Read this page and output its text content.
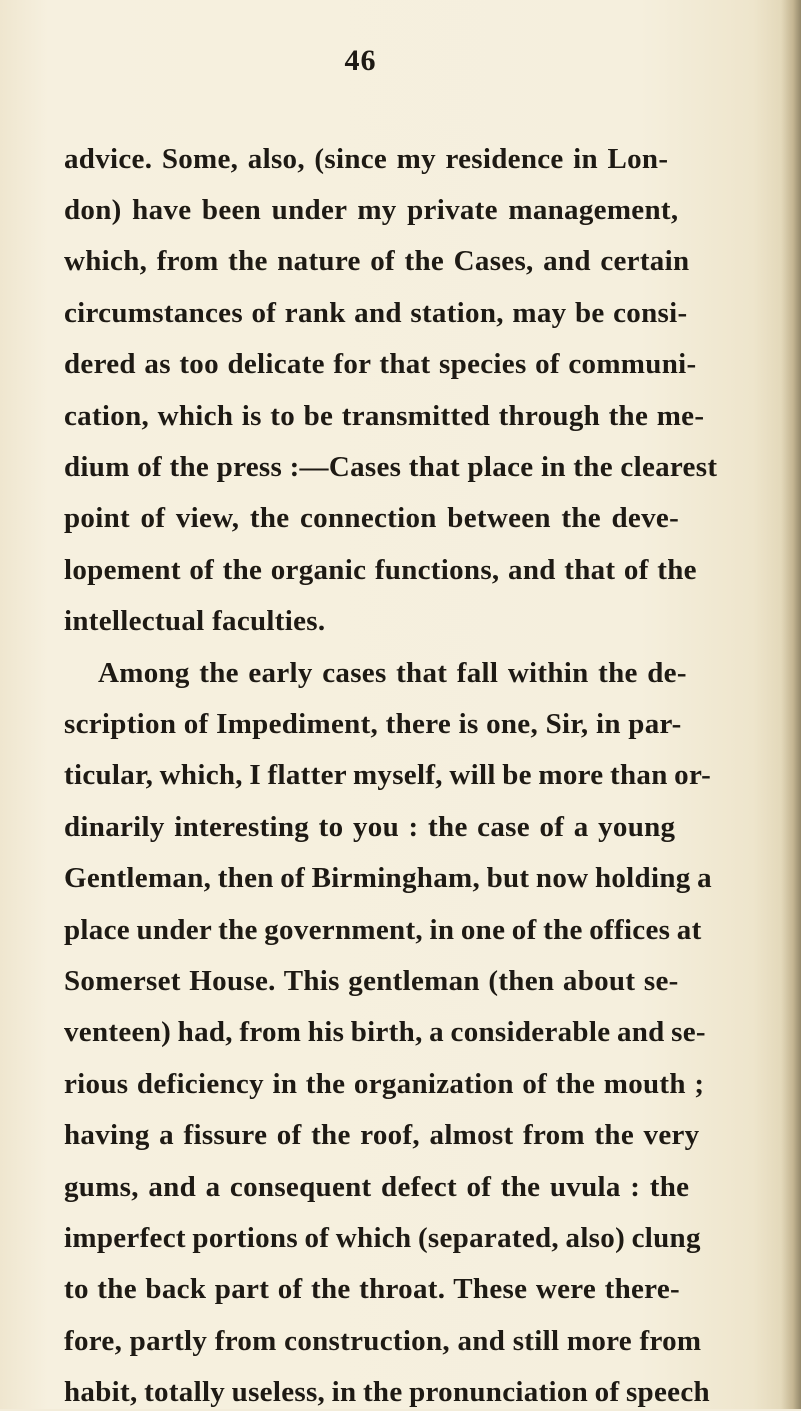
46
advice. Some, also, (since my residence in Lon-
don) have been under my private management,
which, from the nature of the Cases, and certain
circumstances of rank and station, may be consi-
dered as too delicate for that species of communi-
cation, which is to be transmitted through the me-
dium of the press :—Cases that place in the clearest
point of view, the connection between the deve-
lopement of the organic functions, and that of the
intellectual faculties.
Among the early cases that fall within the de-
scription of Impediment, there is one, Sir, in par-
ticular, which, I flatter myself, will be more than or-
dinarily interesting to you : the case of a young
Gentleman, then of Birmingham, but now holding a
place under the government, in one of the offices at
Somerset House. This gentleman (then about se-
venteen) had, from his birth, a considerable and se-
rious deficiency in the organization of the mouth ;
having a fissure of the roof, almost from the very
gums, and a consequent defect of the uvula : the
imperfect portions of which (separated, also) clung
to the back part of the throat. These were there-
fore, partly from construction, and still more from
habit, totally useless, in the pronunciation of speech
